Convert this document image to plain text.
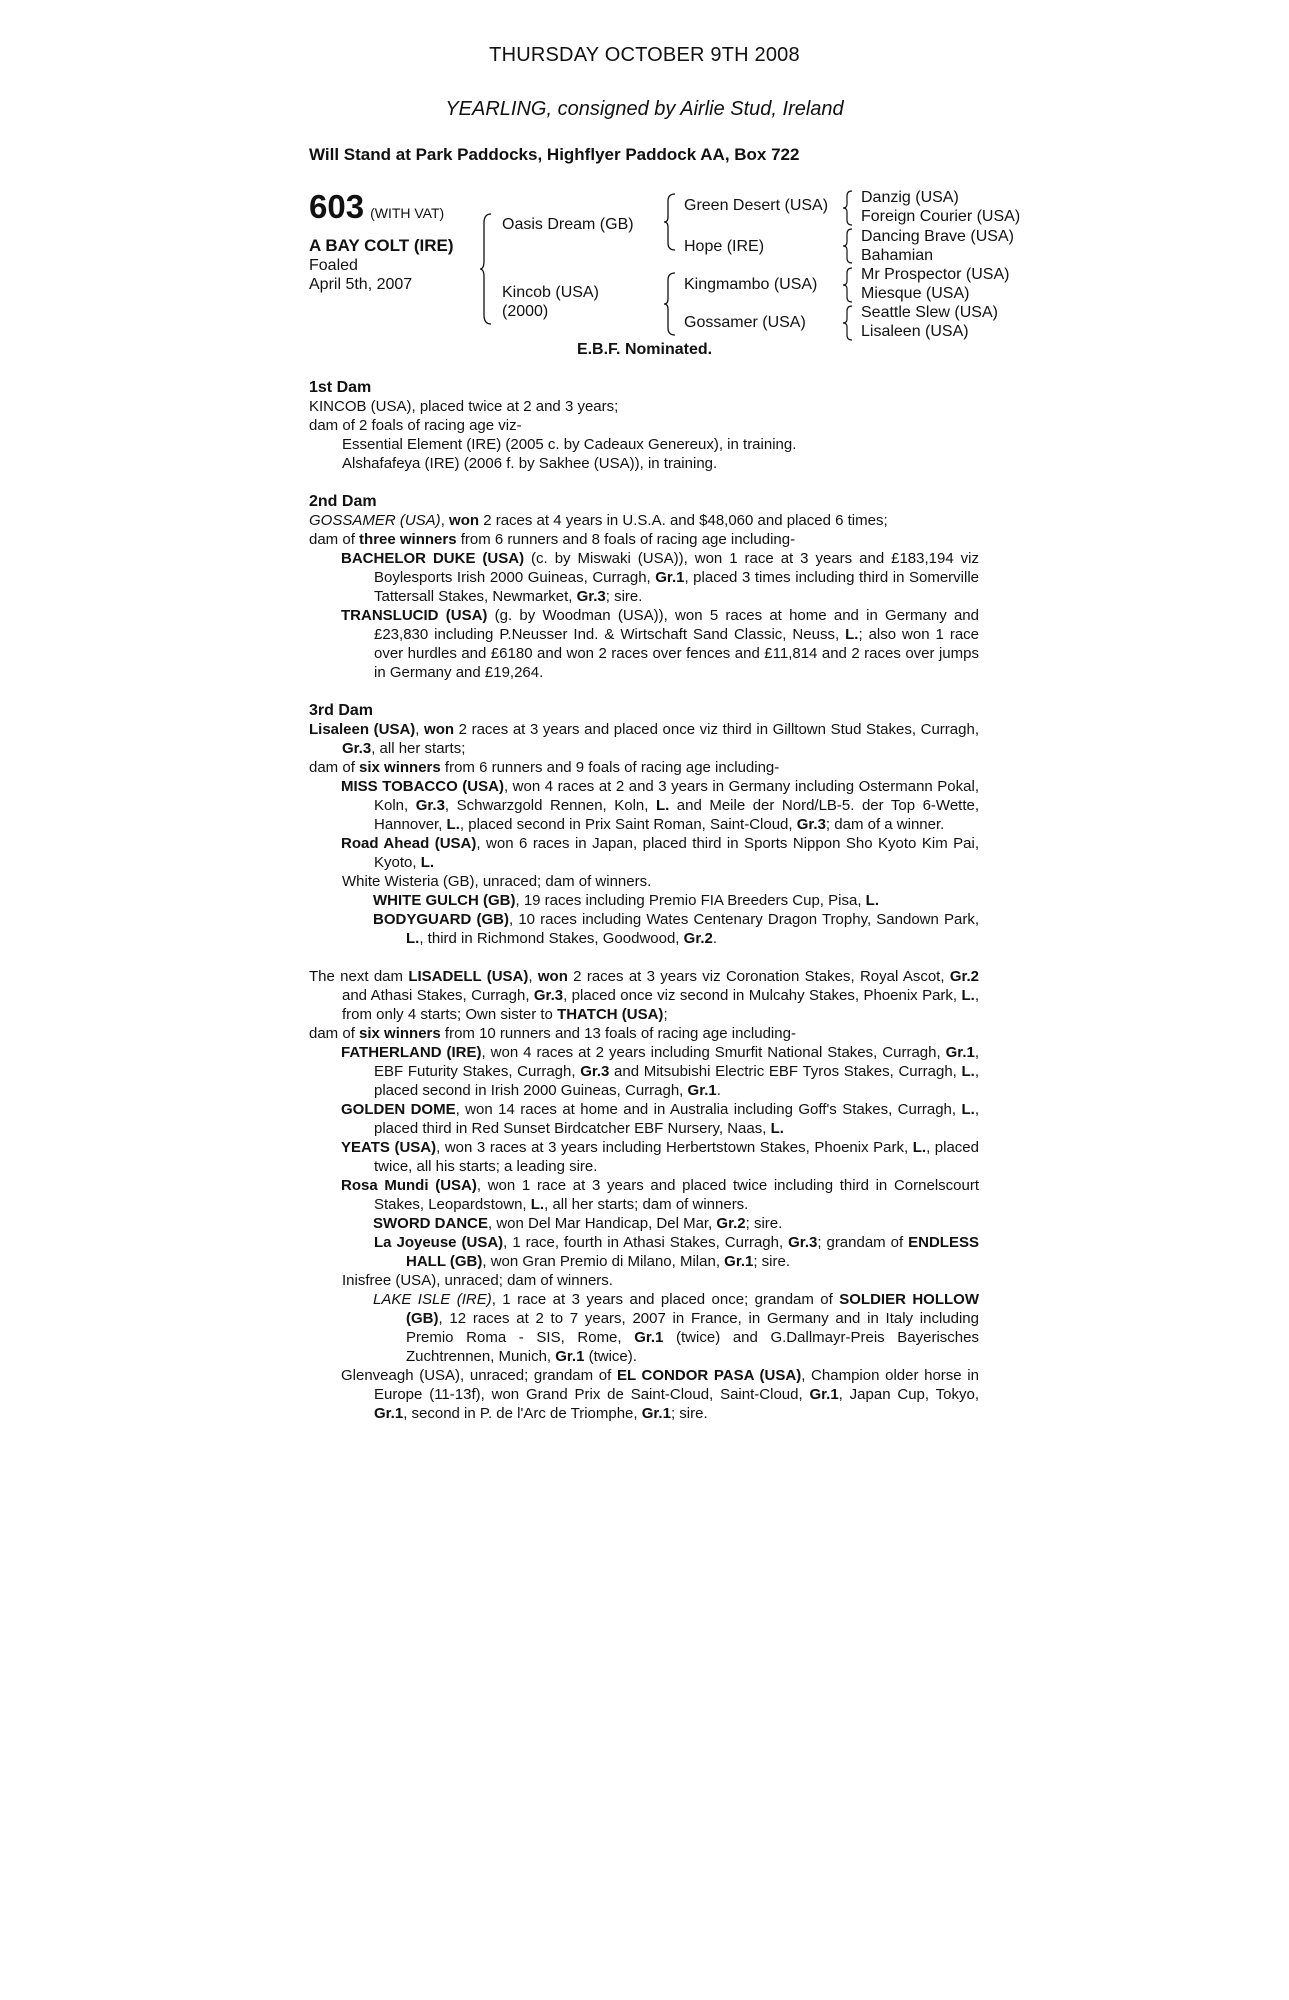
THURSDAY OCTOBER 9TH 2008
YEARLING, consigned by Airlie Stud, Ireland
Will Stand at Park Paddocks, Highflyer Paddock AA, Box 722
603 (WITH VAT)
A BAY COLT (IRE)
Foaled
April 5th, 2007
Oasis Dream (GB)
Kincob (USA)
(2000)
Green Desert (USA)
Hope (IRE)
Kingmambo (USA)
Gossamer (USA)
Danzig (USA)
Foreign Courier (USA)
Dancing Brave (USA)
Bahamian
Mr Prospector (USA)
Miesque (USA)
Seattle Slew (USA)
Lisaleen (USA)
E.B.F. Nominated.
1st Dam

KINCOB (USA), placed twice at 2 and 3 years;

dam of 2 foals of racing age viz-

Essential Element (IRE) (2005 c. by Cadeaux Genereux), in training.

Alshafafeya (IRE) (2006 f. by Sakhee (USA)), in training.

2nd Dam

GOSSAMER (USA), won 2 races at 4 years in U.S.A. and $48,060 and placed 6 times;

dam of three winners from 6 runners and 8 foals of racing age including-

BACHELOR DUKE (USA) (c. by Miswaki (USA)), won 1 race at 3 years and £183,194 viz Boylesports Irish 2000 Guineas, Curragh, Gr.1, placed 3 times including third in Somerville Tattersall Stakes, Newmarket, Gr.3; sire.

TRANSLUCID (USA) (g. by Woodman (USA)), won 5 races at home and in Germany and £23,830 including P.Neusser Ind. & Wirtschaft Sand Classic, Neuss, L.; also won 1 race over hurdles and £6180 and won 2 races over fences and £11,814 and 2 races over jumps in Germany and £19,264.

3rd Dam

Lisaleen (USA), won 2 races at 3 years and placed once viz third in Gilltown Stud Stakes, Curragh, Gr.3, all her starts;

dam of six winners from 6 runners and 9 foals of racing age including-

MISS TOBACCO (USA), won 4 races at 2 and 3 years in Germany including Ostermann Pokal, Koln, Gr.3, Schwarzgold Rennen, Koln, L. and Meile der Nord/LB-5. der Top 6-Wette, Hannover, L., placed second in Prix Saint Roman, Saint-Cloud, Gr.3; dam of a winner.

Road Ahead (USA), won 6 races in Japan, placed third in Sports Nippon Sho Kyoto Kim Pai, Kyoto, L.

White Wisteria (GB), unraced; dam of winners.

WHITE GULCH (GB), 19 races including Premio FIA Breeders Cup, Pisa, L.

BODYGUARD (GB), 10 races including Wates Centenary Dragon Trophy, Sandown Park, L., third in Richmond Stakes, Goodwood, Gr.2.

The next dam LISADELL (USA), won 2 races at 3 years viz Coronation Stakes, Royal Ascot, Gr.2 and Athasi Stakes, Curragh, Gr.3, placed once viz second in Mulcahy Stakes, Phoenix Park, L., from only 4 starts; Own sister to THATCH (USA);

dam of six winners from 10 runners and 13 foals of racing age including-

FATHERLAND (IRE), won 4 races at 2 years including Smurfit National Stakes, Curragh, Gr.1, EBF Futurity Stakes, Curragh, Gr.3 and Mitsubishi Electric EBF Tyros Stakes, Curragh, L., placed second in Irish 2000 Guineas, Curragh, Gr.1.

GOLDEN DOME, won 14 races at home and in Australia including Goff's Stakes, Curragh, L., placed third in Red Sunset Birdcatcher EBF Nursery, Naas, L.

YEATS (USA), won 3 races at 3 years including Herbertstown Stakes, Phoenix Park, L., placed twice, all his starts; a leading sire.

Rosa Mundi (USA), won 1 race at 3 years and placed twice including third in Cornelscourt Stakes, Leopardstown, L., all her starts; dam of winners.

SWORD DANCE, won Del Mar Handicap, Del Mar, Gr.2; sire.

La Joyeuse (USA), 1 race, fourth in Athasi Stakes, Curragh, Gr.3; grandam of ENDLESS HALL (GB), won Gran Premio di Milano, Milan, Gr.1; sire.

Inisfree (USA), unraced; dam of winners.

LAKE ISLE (IRE), 1 race at 3 years and placed once; grandam of SOLDIER HOLLOW (GB), 12 races at 2 to 7 years, 2007 in France, in Germany and in Italy including Premio Roma - SIS, Rome, Gr.1 (twice) and G.Dallmayr-Preis Bayerisches Zuchtrennen, Munich, Gr.1 (twice).

Glenveagh (USA), unraced; grandam of EL CONDOR PASA (USA), Champion older horse in Europe (11-13f), won Grand Prix de Saint-Cloud, Saint-Cloud, Gr.1, Japan Cup, Tokyo, Gr.1, second in P. de l'Arc de Triomphe, Gr.1; sire.
